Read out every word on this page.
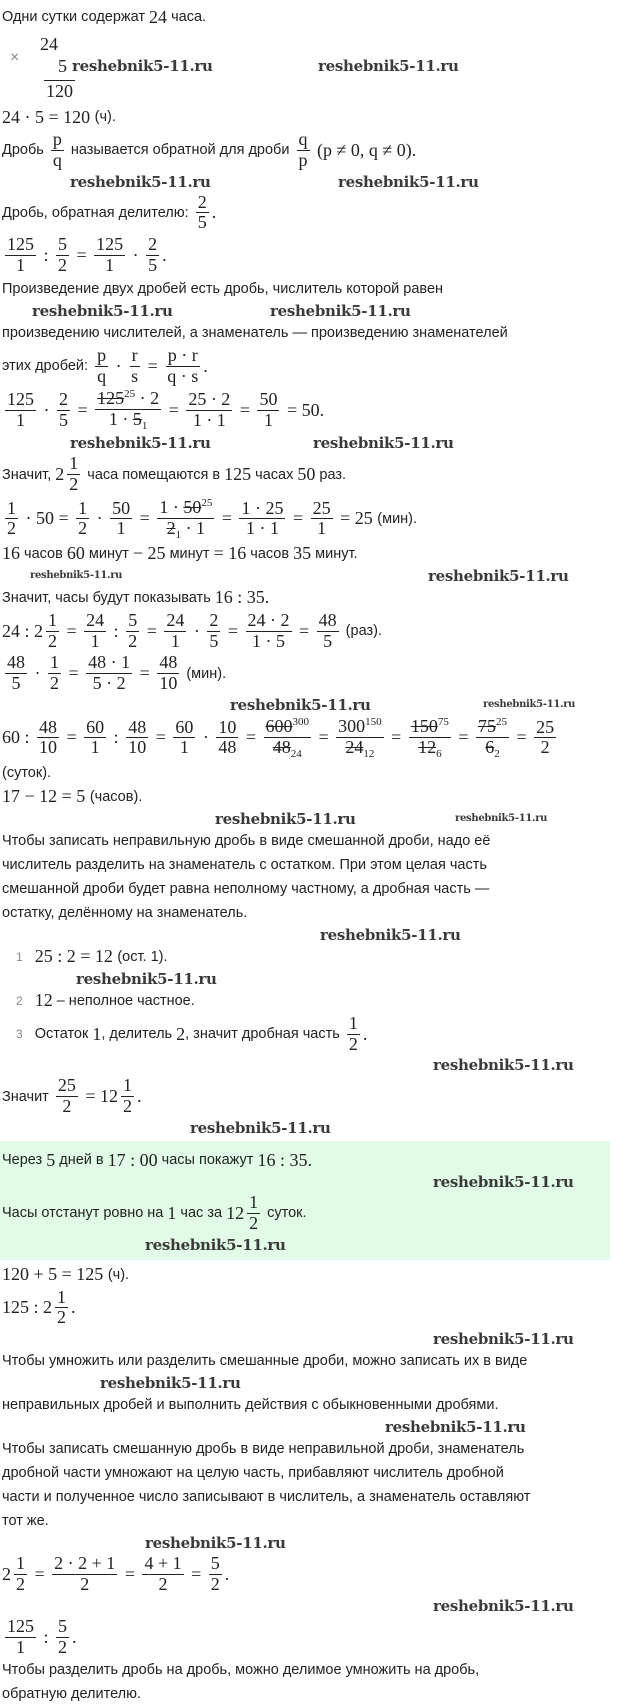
Одни сутки содержат 24 часа.
×
24
5
120
reshebnik5-11.ru	reshebnik5-11.ru
24 · 5 = 120 (ч).
Дробь $\frac{p}{q}$ называется обратной для дроби $\frac{q}{p} (p \ne 0$, q ≠ 0).
reshebnik5-11.ru	reshebnik5-11.ru
Дробь, обратная делителю: $\frac{2}{5}$ .
$\frac{125}{1}$ : $\frac{5}{2} = \frac{125}{1} \cdot \frac{2}{5}$ .
Произведение двух дробей есть дробь, числитель которой равен
reshebnik5-11.ru	reshebnik5-11.ru
произведению числителей, а знаменатель — произведению знаменателей
этих дробей: $\frac{p}{q} \cdot \frac{r}{s} = \frac{p \cdot r}{q \cdot s}$ .
$\frac{125}{1} \cdot \frac{2}{5} = \frac{125^{25} \cdot 2}{1 \cdot 5_1} = \frac{25 \cdot 2}{1 \cdot 1} = \frac{50}{1} = 50$.
reshebnik5-11.ru	reshebnik5-11.ru
Значит, $2 \frac{1}{2}$ часа помещаются в 125 часах 50 раз.
$\frac{1}{2} \cdot 50 = \frac{1}{2} \cdot \frac{50}{1} = \frac{1 \cdot 50^{25}}{2_1 \cdot 1} = \frac{1 \cdot 25}{1 \cdot 1} = \frac{25}{1} = 25$ (мин).
16 часов 60 минут − 25 минут = 16 часов 35 минут.
reshebnik5-11.ru	reshebnik5-11.ru
Значит, часы будут показывать 16 : 35.
24 : $2 \frac{1}{2} = \frac{24}{1}$ : $\frac{5}{2} = \frac{24}{1} \cdot \frac{2}{5} = \frac{24 \cdot 2}{1 \cdot 5} = \frac{48}{5} (раз)$.
$\frac{48}{5} \cdot \frac{1}{2} = \frac{48 \cdot 1}{5 \cdot 2} = \frac{48}{10} (мин)$.
reshebnik5-11.ru	reshebnik5-11.ru
60 : $\frac{48}{10} = \frac{60}{1}$ : $\frac{48}{10} = \frac{60}{1} \cdot \frac{10}{48} = \frac{600^{300}}{48_{24}} = \frac{300^{150}}{24_{12}} = \frac{150^{75}}{12_6} = \frac{75^{25}}{6_2} = \frac{25}{2}$
(суток).
17 − 12 = 5 (часов).
reshebnik5-11.ru	reshebnik5-11.ru
Чтобы записать неправильную дробь в виде смешанной дроби, надо её
числитель разделить на знаменатель с остатком. При этом целая часть
смешанной дроби будет равна неполному частному, а дробная часть —
остатку, делённому на знаменатель.
reshebnik5-11.ru
1 25 : 2 = 12 (ост. 1).
reshebnik5-11.ru
2 12 – неполное частное.
3 Остаток 1 , делитель 2 , значит дробная часть $\frac{1}{2}$ .
reshebnik5-11.ru
Значит $\frac{25}{2} = 12 \frac{1}{2}$ .
reshebnik5-11.ru
Через 5 дней в 17 : 00 часы покажут 16 : 35.
reshebnik5-11.ru
Часы отстанут ровно на 1 час за $12 \frac{1}{2}$ суток.
reshebnik5-11.ru
120 + 5 = 125 (ч).
125 : $2 \frac{1}{2}$ .
reshebnik5-11.ru
Чтобы умножить или разделить смешанные дроби, можно записать их в виде
reshebnik5-11.ru
неправильных дробей и выполнить действия с обыкновенными дробями.
reshebnik5-11.ru
Чтобы записать смешанную дробь в виде неправильной дроби, знаменатель
дробной части умножают на целую часть, прибавляют числитель дробной
части и полученное число записывают в числитель, а знаменатель оставляют
тот же.
reshebnik5-11.ru
$2 \frac{1}{2} = \frac{2 \cdot 2 + 1}{2} = \frac{4 + 1}{2} = \frac{5}{2}$ .
reshebnik5-11.ru
$\frac{125}{1}$ : $\frac{5}{2}$ .
Чтобы разделить дробь на дробь, можно делимое умножить на дробь,
обратную делителю.
